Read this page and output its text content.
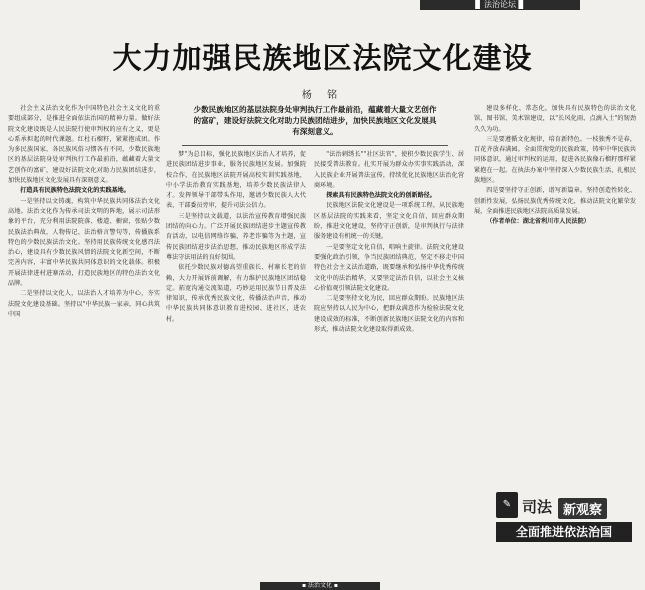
▊ 法治论坛 ▊
大力加强民族地区法院文化建设
杨 铭
少数民族地区的基层法院身处审判执行工作最前沿，蕴藏着大量文艺创作的富矿，建设好法院文化对助力民族团结进步，加快民族地区文化发展具有深刻意义。

社会主义法治文化作为中国特色社会主义文化的重要组成部分，是推进全面依法治国的精神力量。做好法院文化建设既是人民法院行使审判权的应有之义，更是心系承担起的时代课题。红杜石榴籽，紧紧抱成团。作为多民族国家，各民族风俗习惯各有不同，少数民族地区的基层法院身处审判执行工作最前沿，蕴藏着大量文艺创作的富矿，建设好法院文化对助力民族团结进步，加快民族地区文化发展具有深刻意义。

打造具有民族特色法院文化的实践基地。

一是坚持以文铸魂，构筑中华民族共同体法治文化高地。法治文化作为传承司法文明的阵地，展示司法形象的平台，充分利用法院院落、楼道、橱窗，张贴少数民族法治典故，人物传记、法治格言警句等，传播族系特色的少数民族法治文化。坚持用民族传统文化感召法治心，建设具有少数民族风情的法院文化新空间，不断完善内容，丰富中华民族共同体意识的文化载体。积极开展法律进村进寨活动，打造民族地区的特色法治文化品牌。

二是坚持以文化人，以法治人才培养为中心，夯实法院文化建设基础。坚持以"中华民族一家亲，同心共筑中国

梦"为总目标，强化民族地区法治人才培养，促进民族团结进步事业，服务民族地区发展。加强院校合作，在民族地区法院开展高校实训实践基地，中小学法治教育实践基地，培养少数民族法律人才。发挥领导干部带头作用，邀请少数民族人大代表、干部委员旁审，提升司法公信力。

三是坚持以文载道，以法治宣传教育增强民族团结的向心力。广泛开展民族团结进步主题宣传教育活动，以电信网络诈骗、养老诈骗等为主题，宣传民族团结进步法治思想，推动民族地区形成学法尊法守法用法的良好氛围。

依托少数民族对德高望重族长、村寨长老的信赖，大力开展诉前调解，有力维护民族地区团结稳定。拓宽沟通交流渠道，巧妙运用民族节日普及法律知识，传承优秀民族文化，传播法治声音，推动中华民族共同体意识教育进校园、进社区，进农村。

"法治刺绣长""社区法官"，使积少数民族学生、居民接受普法教育。扎实开展为群众办实事实践活动，深入民族企业开展普法宣传，持续优化民族地区法治化营商环境。

探索具有民族特色法院文化的创新路径。

民族地区法院文化建设是一项系统工程，从民族地区基层法院的实践来看，坚定文化自信，回应群众期盼，推进文化建设，坚持守正创新，是审判执行与法律服务建设有机统一的关键。

一是要坚定文化自信，唱响主旋律。法院文化建设要强化政治引领，争当民族团结典范，坚定不移走中国特色社会主义法治道路，既要继承和弘扬中华优秀传统文化中的法治精华，又要坚定法治自信，以社会主义核心价值观引领法院文化建设。

二是要坚持文化为民，回应群众期盼。民族地区法院应坚持以人民为中心，把群众满意作为检验法院文化建设成效的标准，不断创新民族地区法院文化的内容和形式，推动法院文化建设取得新成效。

建设多样化、常态化，加快具有民族特色的法治文化馆、图书馆、美术馆建设，以"长风化雨、点滴入土"的韧劲久久为功。

三是要遵循文化规律，培育新特色。一枝独秀不是春，百花齐放春满园。全面贯彻党的民族政策，铸牢中华民族共同体意识，通过审判权的运用，促进各民族像石榴籽那样紧紧抱在一起。在执法办案中坚持深入少数民族生活，扎根民族地区。

四是要坚持守正创新，谱写新篇章。坚持创造性转化、创新性发展，弘扬民族优秀传统文化，推动法院文化繁荣发展，全面推进民族地区法院高质量发展。

（作者单位：湖北省利川市人民法院）

✎ 司法 新观察
全面推进依法治国
▪ 法治文化 ▪
